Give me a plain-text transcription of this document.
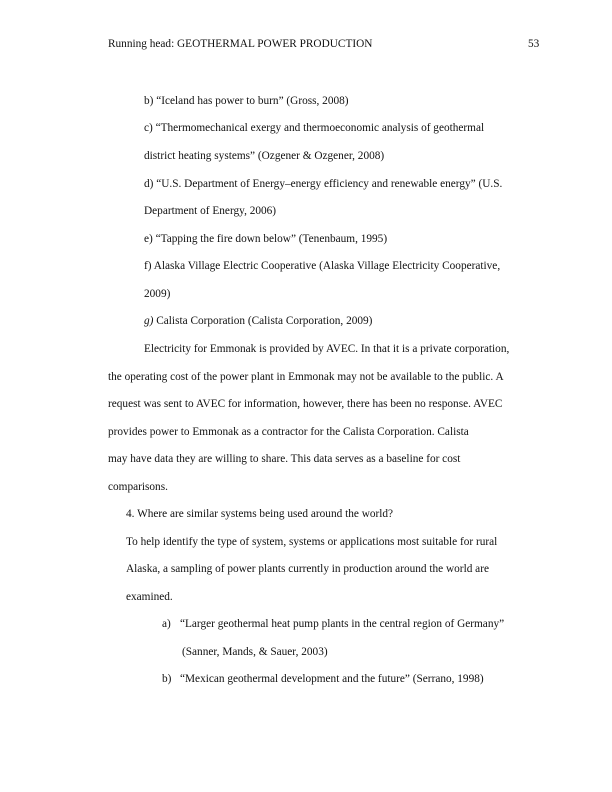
Running head: GEOTHERMAL POWER PRODUCTION	53
b) “Iceland has power to burn” (Gross, 2008)
c) “Thermomechanical exergy and thermoeconomic analysis of geothermal
district heating systems” (Ozgener & Ozgener, 2008)
d) “U.S. Department of Energy–energy efficiency and renewable energy” (U.S.
Department of Energy, 2006)
e) “Tapping the fire down below” (Tenenbaum, 1995)
f) Alaska Village Electric Cooperative (Alaska Village Electricity Cooperative,
2009)
g) Calista Corporation (Calista Corporation, 2009)
Electricity for Emmonak is provided by AVEC. In that it is a private corporation,
the operating cost of the power plant in Emmonak may not be available to the public. A
request was sent to AVEC for information, however, there has been no response. AVEC
provides power to Emmonak as a contractor for the Calista Corporation. Calista
may have data they are willing to share. This data serves as a baseline for cost
comparisons.
4. Where are similar systems being used around the world?
To help identify the type of system, systems or applications most suitable for rural
Alaska, a sampling of power plants currently in production around the world are
examined.
a) “Larger geothermal heat pump plants in the central region of Germany”
(Sanner, Mands, & Sauer, 2003)
b) “Mexican geothermal development and the future” (Serrano, 1998)
